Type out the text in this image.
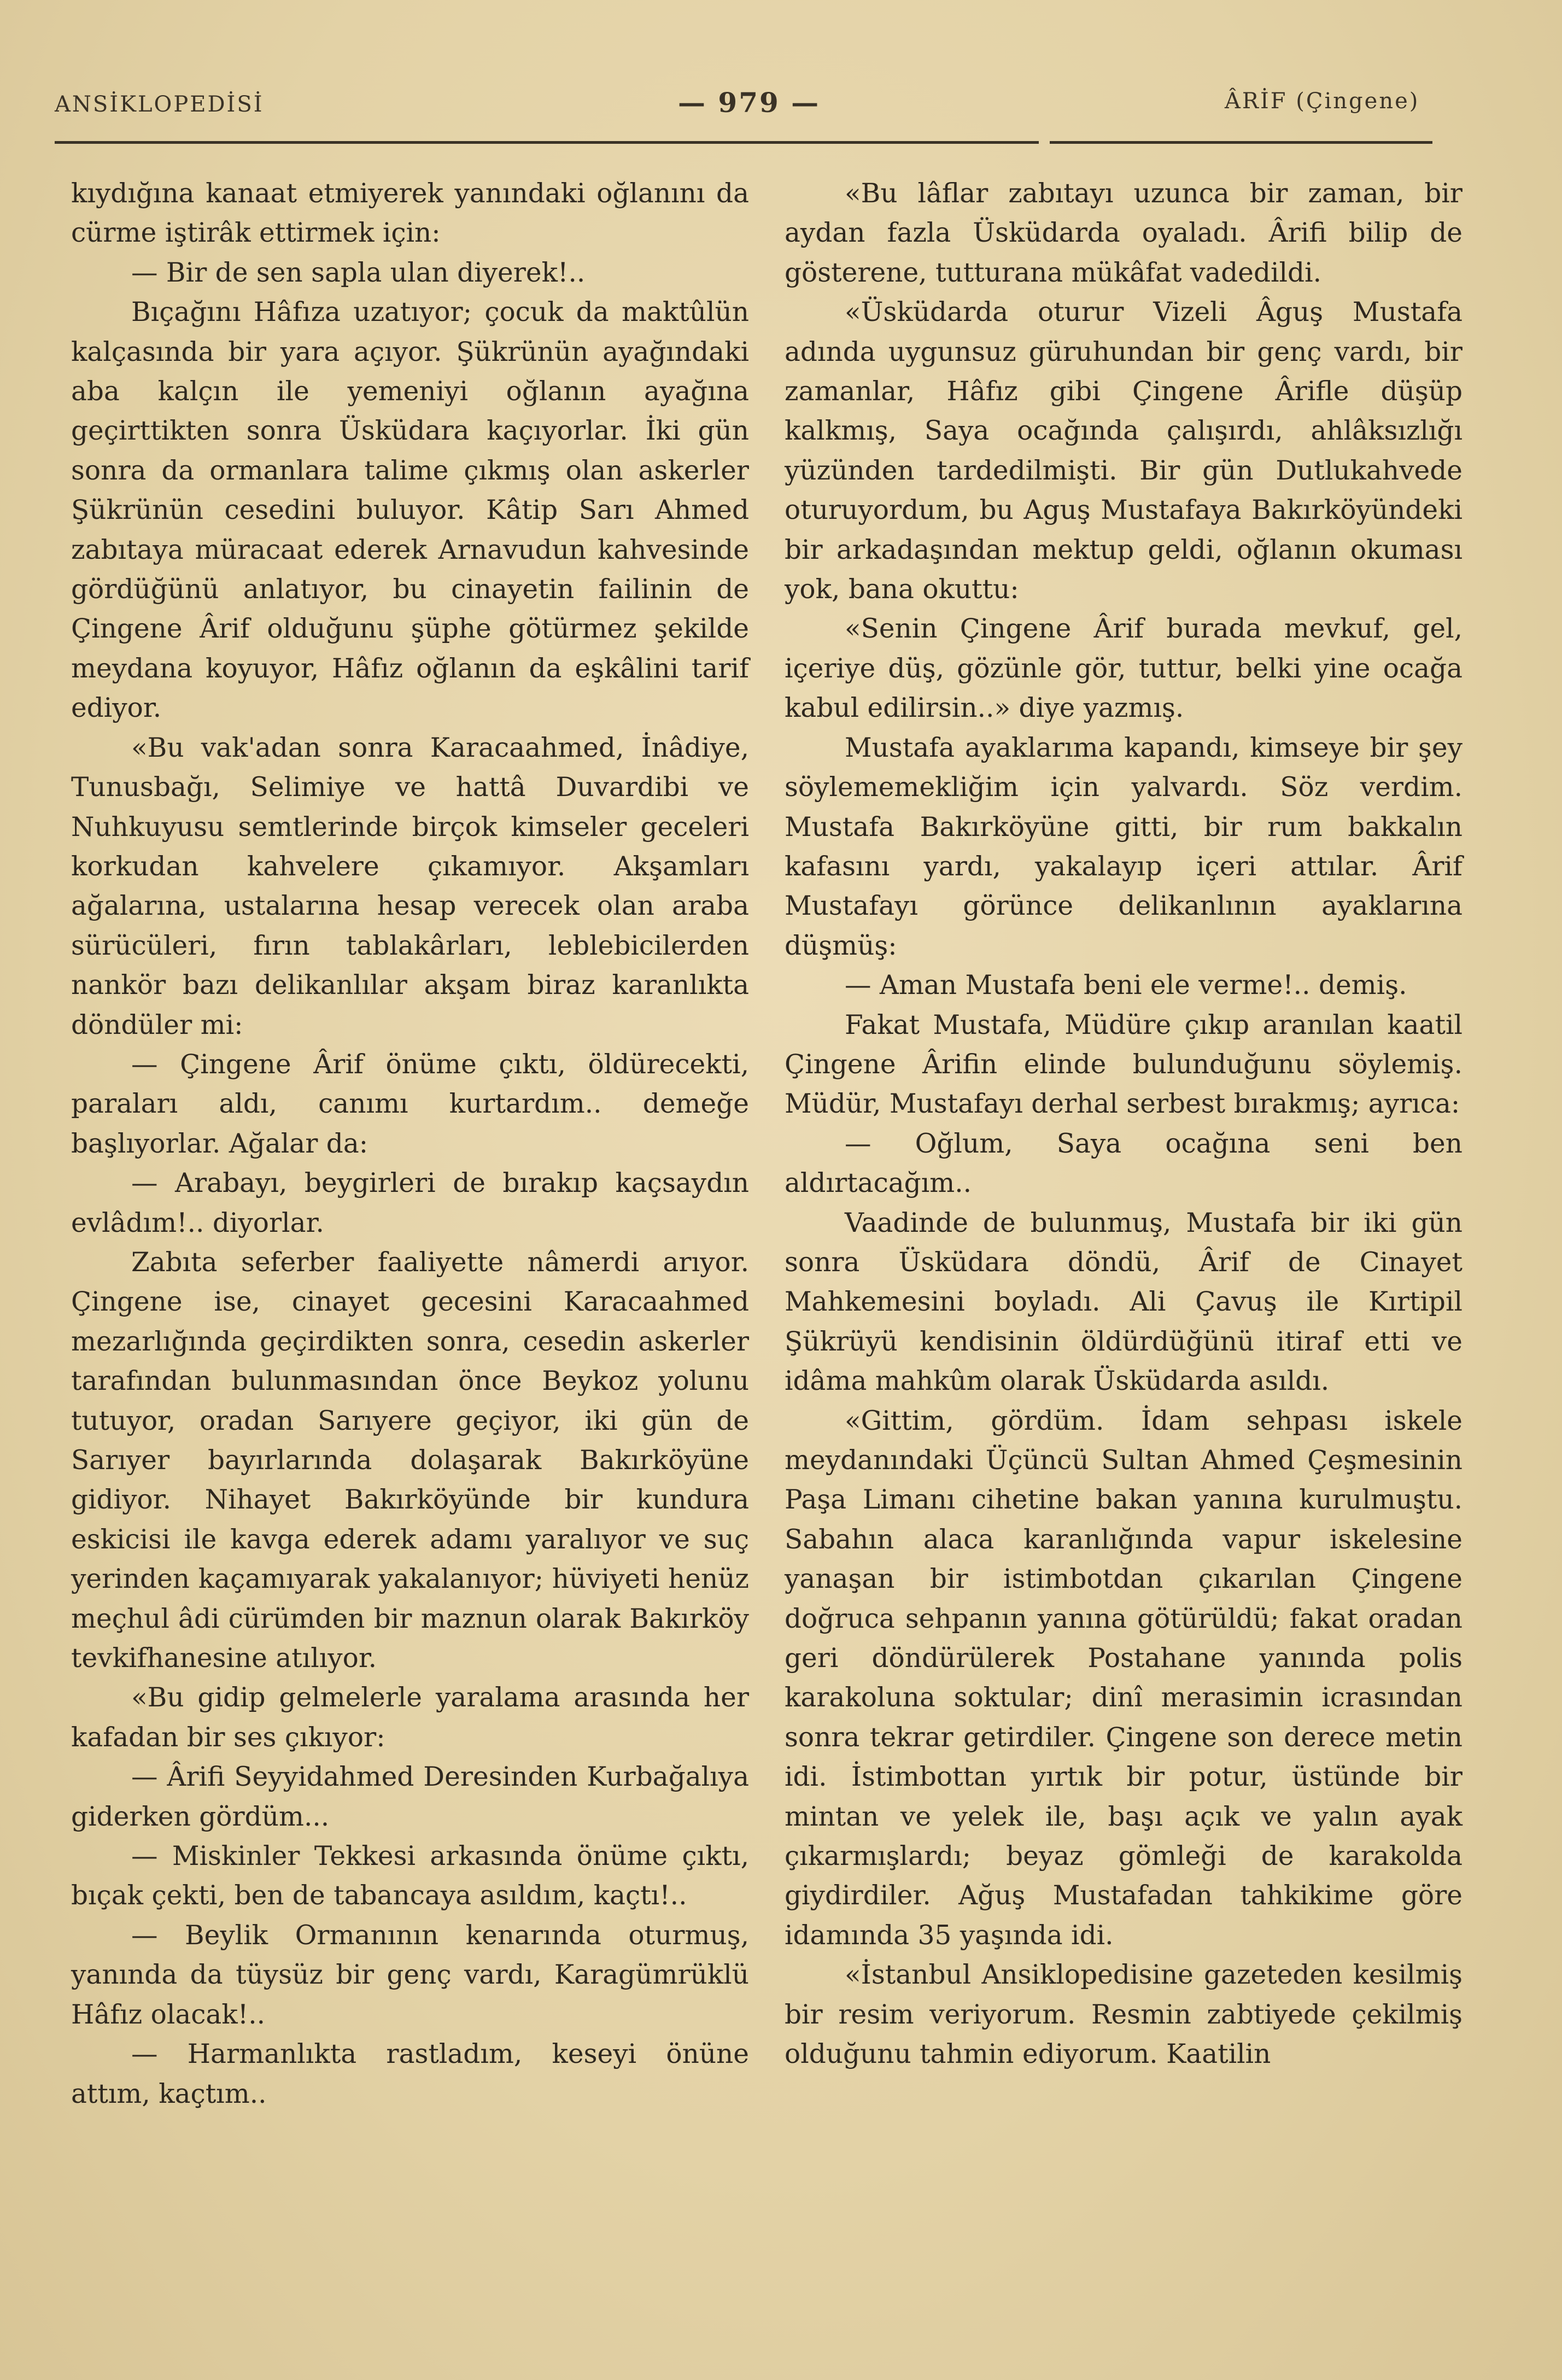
ANSİKLOPEDİSİ	— 979 —	ÂRİF (Çingene)

kıydığına kanaat etmiyerek yanındaki oğlanını da cürme iştirâk ettirmek için:

— Bir de sen sapla ulan diyerek!..

Bıçağını Hâfıza uzatıyor; çocuk da maktûlün kalçasında bir yara açıyor. Şükrünün ayağındaki aba kalçın ile yemeniyi oğlanın ayağına geçirttikten sonra Üsküdara kaçıyorlar. İki gün sonra da ormanlara talime çıkmış olan askerler Şükrünün cesedini buluyor. Kâtip Sarı Ahmed zabıtaya müracaat ederek Arnavudun kahvesinde gördüğünü anlatıyor, bu cinayetin failinin de Çingene Ârif olduğunu şüphe götürmez şekilde meydana koyuyor, Hâfız oğlanın da eşkâlini tarif ediyor.

«Bu vak'adan sonra Karacaahmed, İnâdiye, Tunusbağı, Selimiye ve hattâ Duvardibi ve Nuhkuyusu semtlerinde birçok kimseler geceleri korkudan kahvelere çıkamıyor. Akşamları ağalarına, ustalarına hesap verecek olan araba sürücüleri, fırın tablakârları, leblebicilerden nankör bazı delikanlılar akşam biraz karanlıkta döndüler mi:

— Çingene Ârif önüme çıktı, öldürecekti, paraları aldı, canımı kurtardım.. demeğe başlıyorlar. Ağalar da:

— Arabayı, beygirleri de bırakıp kaçsaydın evlâdım!.. diyorlar.

Zabıta seferber faaliyette nâmerdi arıyor. Çingene ise, cinayet gecesini Karacaahmed mezarlığında geçirdikten sonra, cesedin askerler tarafından bulunmasından önce Beykoz yolunu tutuyor, oradan Sarıyere geçiyor, iki gün de Sarıyer bayırlarında dolaşarak Bakırköyüne gidiyor. Nihayet Bakırköyünde bir kundura eskicisi ile kavga ederek adamı yaralıyor ve suç yerinden kaçamıyarak yakalanıyor; hüviyeti henüz meçhul âdi cürümden bir maznun olarak Bakırköy tevkifhanesine atılıyor.

«Bu gidip gelmelerle yaralama arasında her kafadan bir ses çıkıyor:

— Ârifi Seyyidahmed Deresinden Kurbağalıya giderken gördüm...

— Miskinler Tekkesi arkasında önüme çıktı, bıçak çekti, ben de tabancaya asıldım, kaçtı!..

— Beylik Ormanının kenarında oturmuş, yanında da tüysüz bir genç vardı, Karagümrüklü Hâfız olacak!..

— Harmanlıkta rastladım, keseyi önüne attım, kaçtım..

«Bu lâflar zabıtayı uzunca bir zaman, bir aydan fazla Üsküdarda oyaladı. Ârifi bilip de gösterene, tutturana mükâfat vadedildi.

«Üsküdarda oturur Vizeli Âguş Mustafa adında uygunsuz güruhundan bir genç vardı, bir zamanlar, Hâfız gibi Çingene Ârifle düşüp kalkmış, Saya ocağında çalışırdı, ahlâksızlığı yüzünden tardedilmişti. Bir gün Dutlukahvede oturuyordum, bu Aguş Mustafaya Bakırköyündeki bir arkadaşından mektup geldi, oğlanın okuması yok, bana okuttu:

«Senin Çingene Ârif burada mevkuf, gel, içeriye düş, gözünle gör, tuttur, belki yine ocağa kabul edilirsin..» diye yazmış.

Mustafa ayaklarıma kapandı, kimseye bir şey söylememekliğim için yalvardı. Söz verdim. Mustafa Bakırköyüne gitti, bir rum bakkalın kafasını yardı, yakalayıp içeri attılar. Ârif Mustafayı görünce delikanlının ayaklarına düşmüş:

— Aman Mustafa beni ele verme!.. demiş.

Fakat Mustafa, Müdüre çıkıp aranılan kaatil Çingene Ârifin elinde bulunduğunu söylemiş. Müdür, Mustafayı derhal serbest bırakmış; ayrıca:

— Oğlum, Saya ocağına seni ben aldırtacağım..

Vaadinde de bulunmuş, Mustafa bir iki gün sonra Üsküdara döndü, Ârif de Cinayet Mahkemesini boyladı. Ali Çavuş ile Kırtipil Şükrüyü kendisinin öldürdüğünü itiraf etti ve idâma mahkûm olarak Üsküdarda asıldı.

«Gittim, gördüm. İdam sehpası iskele meydanındaki Üçüncü Sultan Ahmed Çeşmesinin Paşa Limanı cihetine bakan yanına kurulmuştu. Sabahın alaca karanlığında vapur iskelesine yanaşan bir istimbotdan çıkarılan Çingene doğruca sehpanın yanına götürüldü; fakat oradan geri döndürülerek Postahane yanında polis karakoluna soktular; dinî merasimin icrasından sonra tekrar getirdiler. Çingene son derece metin idi. İstimbottan yırtık bir potur, üstünde bir mintan ve yelek ile, başı açık ve yalın ayak çıkarmışlardı; beyaz gömleği de karakolda giydirdiler. Ağuş Mustafadan tahkikime göre idamında 35 yaşında idi.

«İstanbul Ansiklopedisine gazeteden kesilmiş bir resim veriyorum. Resmin zabtiyede çekilmiş olduğunu tahmin ediyorum. Kaatilin
